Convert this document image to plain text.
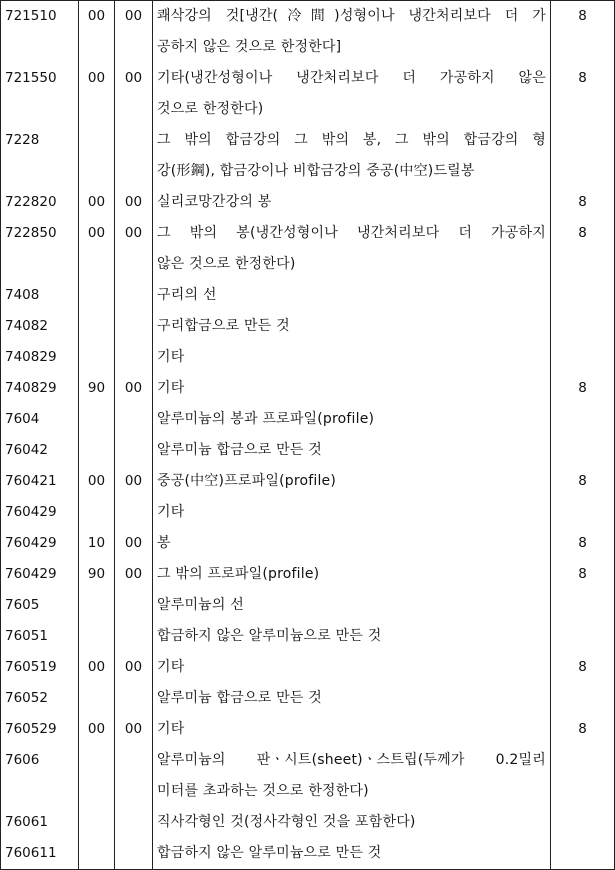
721510	00	00	쾌삭강의 것[냉간(冷間)성형이나 냉간처리보다 더 가
공하지 않은 것으로 한정한다]	8
721550	00	00	기타(냉간성형이나 냉간처리보다 더 가공하지 않은
것으로 한정한다)	8
7228			그 밖의 합금강의 그 밖의 봉, 그 밖의 합금강의 형
강(形鋼), 합금강이나 비합금강의 중공(中空)드릴봉	

722820	00	00	실리코망간강의 봉	8
722850	00	00	그 밖의 봉(냉간성형이나 냉간처리보다 더 가공하지
않은 것으로 한정한다)	8
7408			구리의 선	

74082			구리합금으로 만든 것	

740829			기타	

740829	90	00	기타	8
7604			알루미늄의 봉과 프로파일(profile)	

76042			알루미늄 합금으로 만든 것	

760421	00	00	중공(中空)프로파일(profile)	8
760429			기타	

760429	10	00	봉	8
760429	90	00	그 밖의 프로파일(profile)	8
7605			알루미늄의 선	

76051			합금하지 않은 알루미늄으로 만든 것	

760519	00	00	기타	8
76052			알루미늄 합금으로 만든 것	

760529	00	00	기타	8
7606			알루미늄의 판ㆍ시트(sheet)ㆍ스트립(두께가 0.2밀리
미터를 초과하는 것으로 한정한다)	

76061			직사각형인 것(정사각형인 것을 포함한다)	

760611			합금하지 않은 알루미늄으로 만든 것	
